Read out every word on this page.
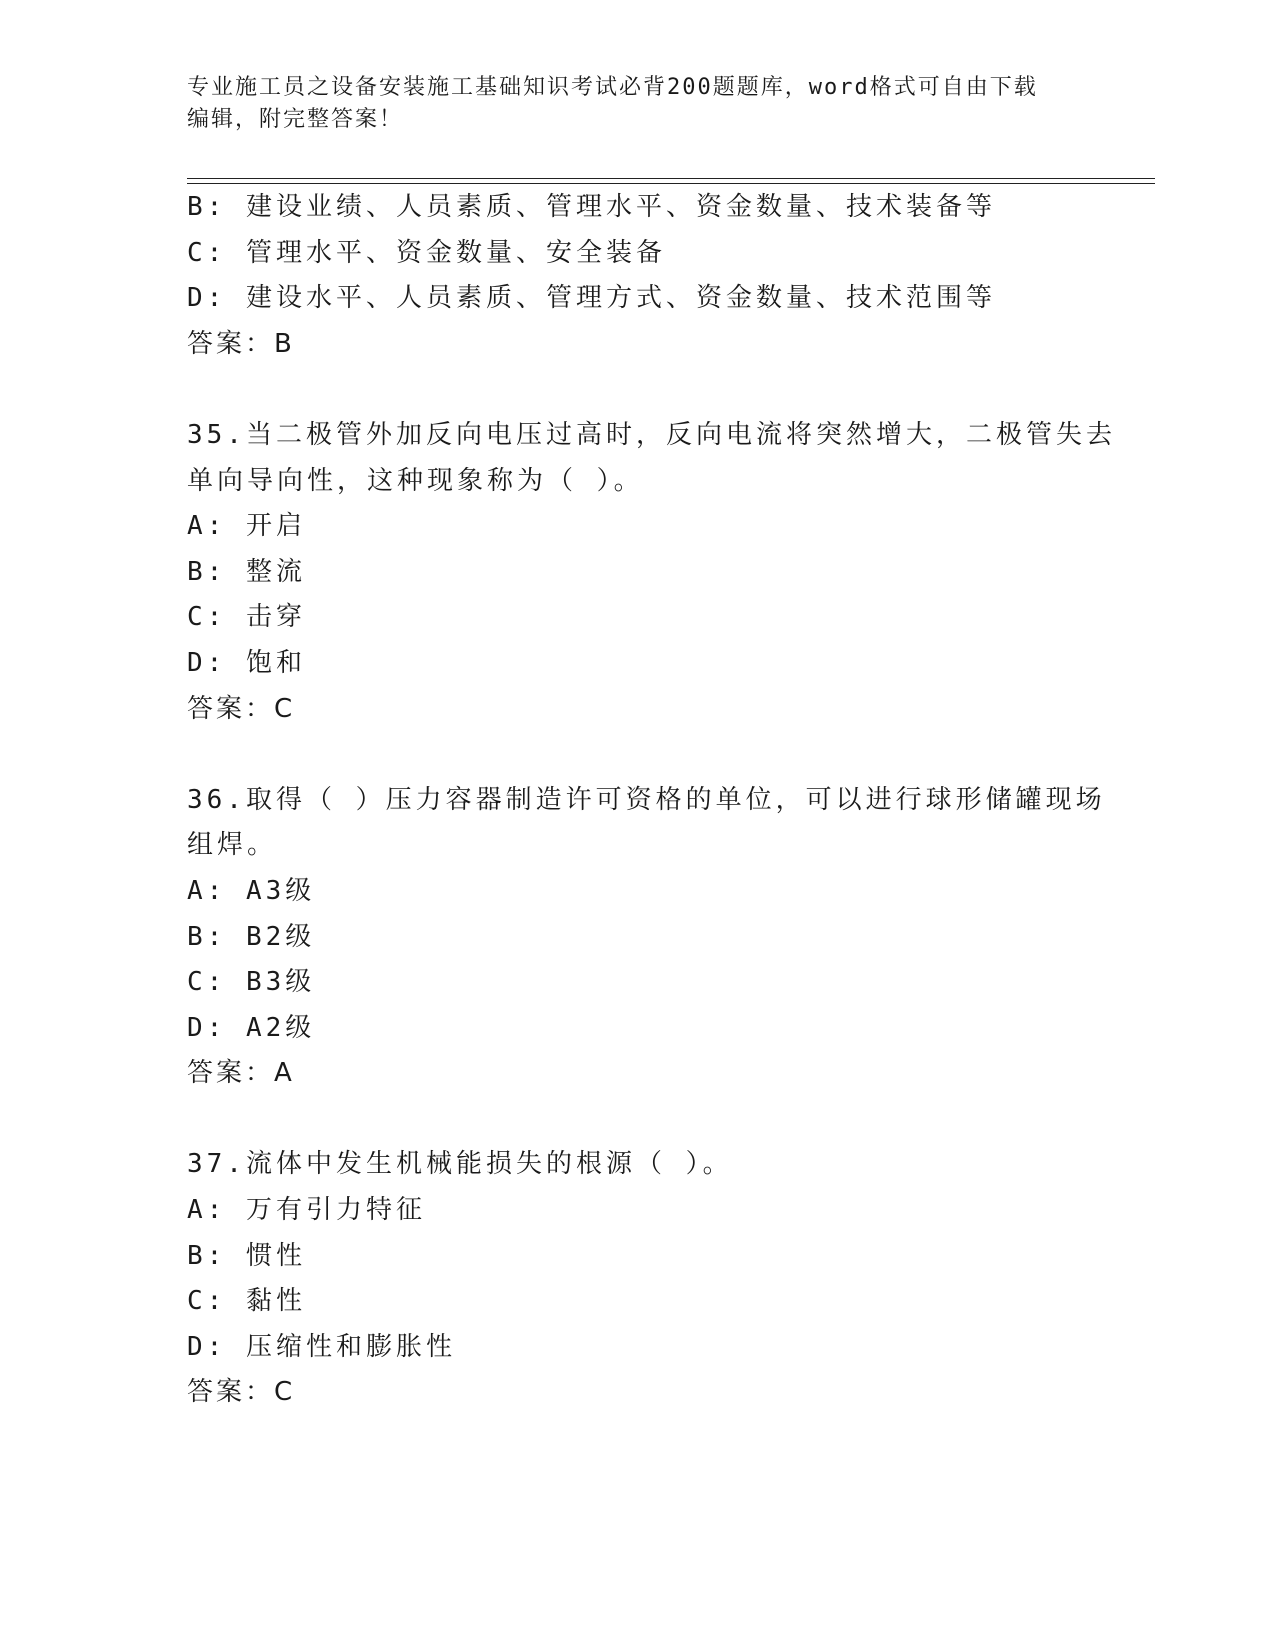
专业施工员之设备安装施工基础知识考试必背200题题库，word格式可自由下载
编辑，附完整答案！
B: 建设业绩、人员素质、管理水平、资金数量、技术装备等
C: 管理水平、资金数量、安全装备
D: 建设水平、人员素质、管理方式、资金数量、技术范围等
答案：B
35.当二极管外加反向电压过高时，反向电流将突然增大，二极管失去
单向导向性，这种现象称为（ ）。
A: 开启
B: 整流
C: 击穿
D: 饱和
答案：C
36.取得（ ）压力容器制造许可资格的单位，可以进行球形储罐现场
组焊。
A: A3级
B: B2级
C: B3级
D: A2级
答案：A
37.流体中发生机械能损失的根源（ ）。
A: 万有引力特征
B: 惯性
C: 黏性
D: 压缩性和膨胀性
答案：C
